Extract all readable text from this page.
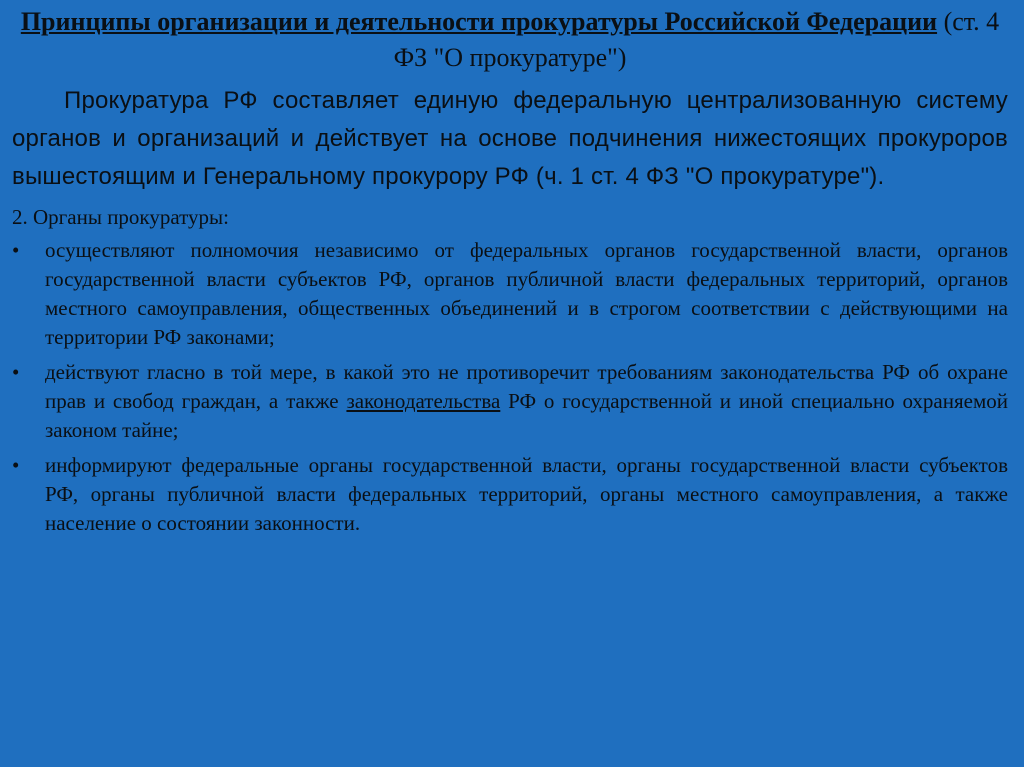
Принципы организации и деятельности прокуратуры Российской Федерации (ст. 4 ФЗ "О прокуратуре")

Прокуратура РФ составляет единую федеральную централизованную систему органов и организаций и действует на основе подчинения нижестоящих прокуроров вышестоящим и Генеральному прокурору РФ (ч. 1 ст. 4 ФЗ "О прокуратуре").

2. Органы прокуратуры:

•	осуществляют полномочия независимо от федеральных органов государственной власти, органов государственной власти субъектов РФ, органов публичной власти федеральных территорий, органов местного самоуправления, общественных объединений и в строгом соответствии с действующими на территории РФ законами;
•	действуют гласно в той мере, в какой это не противоречит требованиям законодательства РФ об охране прав и свобод граждан, а также законодательства РФ о государственной и иной специально охраняемой законом тайне;
•	информируют федеральные органы государственной власти, органы государственной власти субъектов РФ, органы публичной власти федеральных территорий, органы местного самоуправления, а также население о состоянии законности.
